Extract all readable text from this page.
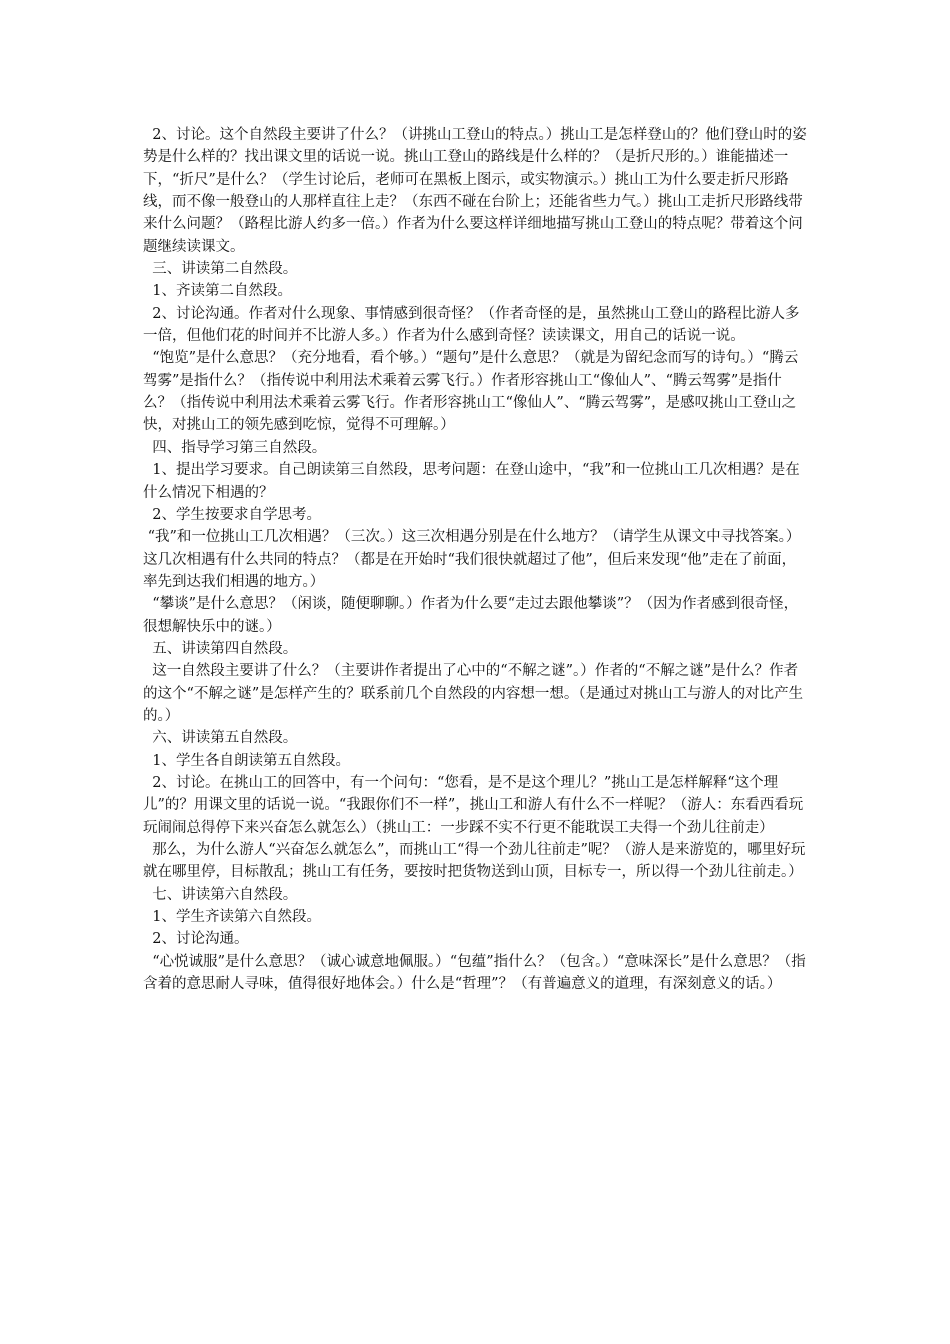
2、讨论。这个自然段主要讲了什么？（讲挑山工登山的特点。）挑山工是怎样登山的？他们登山时的姿势是什么样的？找出课文里的话说一说。挑山工登山的路线是什么样的？（是折尺形的。）谁能描述一下，“折尺”是什么？（学生讨论后，老师可在黑板上图示，或实物演示。）挑山工为什么要走折尺形路线，而不像一般登山的人那样直往上走？（东西不碰在台阶上；还能省些力气。）挑山工走折尺形路线带来什么问题？（路程比游人约多一倍。）作者为什么要这样详细地描写挑山工登山的特点呢？带着这个问题继续读课文。

三、讲读第二自然段。

1、齐读第二自然段。

2、讨论沟通。作者对什么现象、事情感到很奇怪？（作者奇怪的是，虽然挑山工登山的路程比游人多一倍，但他们花的时间并不比游人多。）作者为什么感到奇怪？读读课文，用自己的话说一说。

“饱览”是什么意思？（充分地看，看个够。）“题句”是什么意思？（就是为留纪念而写的诗句。）“腾云驾雾”是指什么？（指传说中利用法术乘着云雾飞行。）作者形容挑山工“像仙人”、“腾云驾雾”是指什么？（指传说中利用法术乘着云雾飞行。作者形容挑山工“像仙人”、“腾云驾雾”，是感叹挑山工登山之快，对挑山工的领先感到吃惊，觉得不可理解。）

四、指导学习第三自然段。

1、提出学习要求。自己朗读第三自然段，思考问题：在登山途中，“我”和一位挑山工几次相遇？是在什么情况下相遇的？

2、学生按要求自学思考。

“我”和一位挑山工几次相遇？（三次。）这三次相遇分别是在什么地方？（请学生从课文中寻找答案。）这几次相遇有什么共同的特点？（都是在开始时“我们很快就超过了他”，但后来发现“他”走在了前面，率先到达我们相遇的地方。）

“攀谈”是什么意思？（闲谈，随便聊聊。）作者为什么要“走过去跟他攀谈”？（因为作者感到很奇怪，很想解快乐中的谜。）

五、讲读第四自然段。

这一自然段主要讲了什么？（主要讲作者提出了心中的“不解之谜”。）作者的“不解之谜”是什么？作者的这个“不解之谜”是怎样产生的？联系前几个自然段的内容想一想。（是通过对挑山工与游人的对比产生的。）

六、讲读第五自然段。

1、学生各自朗读第五自然段。

2、讨论。在挑山工的回答中，有一个问句：“您看，是不是这个理儿？”挑山工是怎样解释“这个理儿”的？用课文里的话说一说。“我跟你们不一样”，挑山工和游人有什么不一样呢？（游人：东看西看玩玩闹闹总得停下来兴奋怎么就怎么）（挑山工：一步踩不实不行更不能耽误工夫得一个劲儿往前走）

那么，为什么游人“兴奋怎么就怎么”，而挑山工“得一个劲儿往前走”呢？（游人是来游览的，哪里好玩就在哪里停，目标散乱；挑山工有任务，要按时把货物送到山顶，目标专一，所以得一个劲儿往前走。）

七、讲读第六自然段。

1、学生齐读第六自然段。

2、讨论沟通。

“心悦诚服”是什么意思？（诚心诚意地佩服。）“包蕴”指什么？（包含。）“意味深长”是什么意思？（指含着的意思耐人寻味，值得很好地体会。）什么是“哲理”？（有普遍意义的道理，有深刻意义的话。）
